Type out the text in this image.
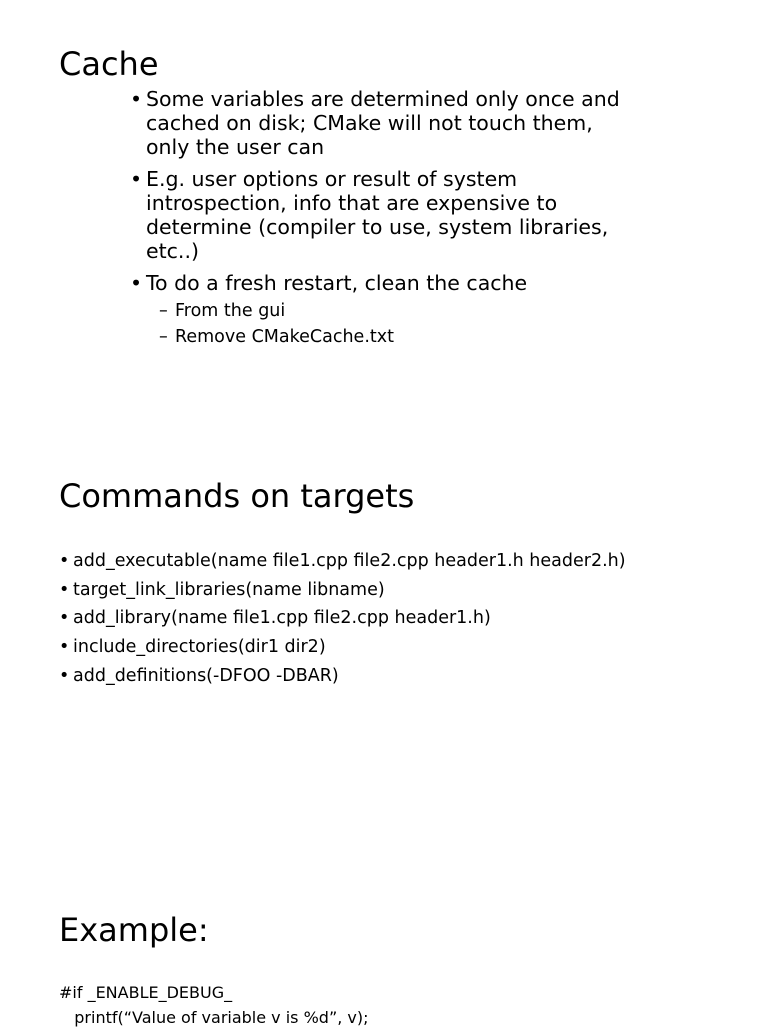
Cache
• Some variables are determined only once and cached on disk; CMake will not touch them, only the user can
• E.g. user options or result of system introspection, info that are expensive to determine (compiler to use, system libraries, etc..)
• To do a fresh restart, clean the cache
– From the gui
– Remove CMakeCache.txt
Commands on targets
• add_executable(name file1.cpp file2.cpp header1.h header2.h)
• target_link_libraries(name libname)
• add_library(name file1.cpp file2.cpp header1.h)
• include_directories(dir1 dir2)
• add_definitions(-DFOO -DBAR)
Example:
#if _ENABLE_DEBUG_
printf(“Value of variable v is %d”, v);
